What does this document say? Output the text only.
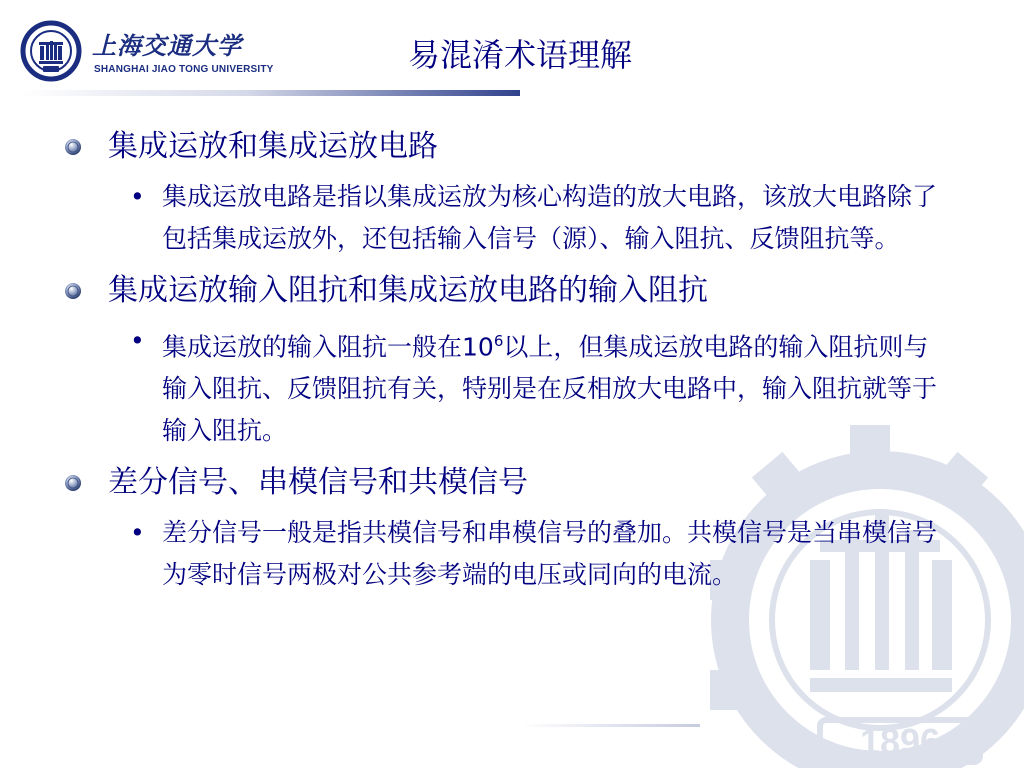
1896
上海交通大学
SHANGHAI JIAO TONG UNIVERSITY	易混淆术语理解
集成运放和集成运放电路
• 集成运放电路是指以集成运放为核心构造的放大电路，该放大电路除了包括集成运放外，还包括输入信号（源）、输入阻抗、反馈阻抗等。
集成运放输入阻抗和集成运放电路的输入阻抗
• 集成运放的输入阻抗一般在$10^6$以上，但集成运放电路的输入阻抗则与输入阻抗、反馈阻抗有关，特别是在反相放大电路中，输入阻抗就等于输入阻抗。
差分信号、串模信号和共模信号
• 差分信号一般是指共模信号和串模信号的叠加。共模信号是当串模信号为零时信号两极对公共参考端的电压或同向的电流。
